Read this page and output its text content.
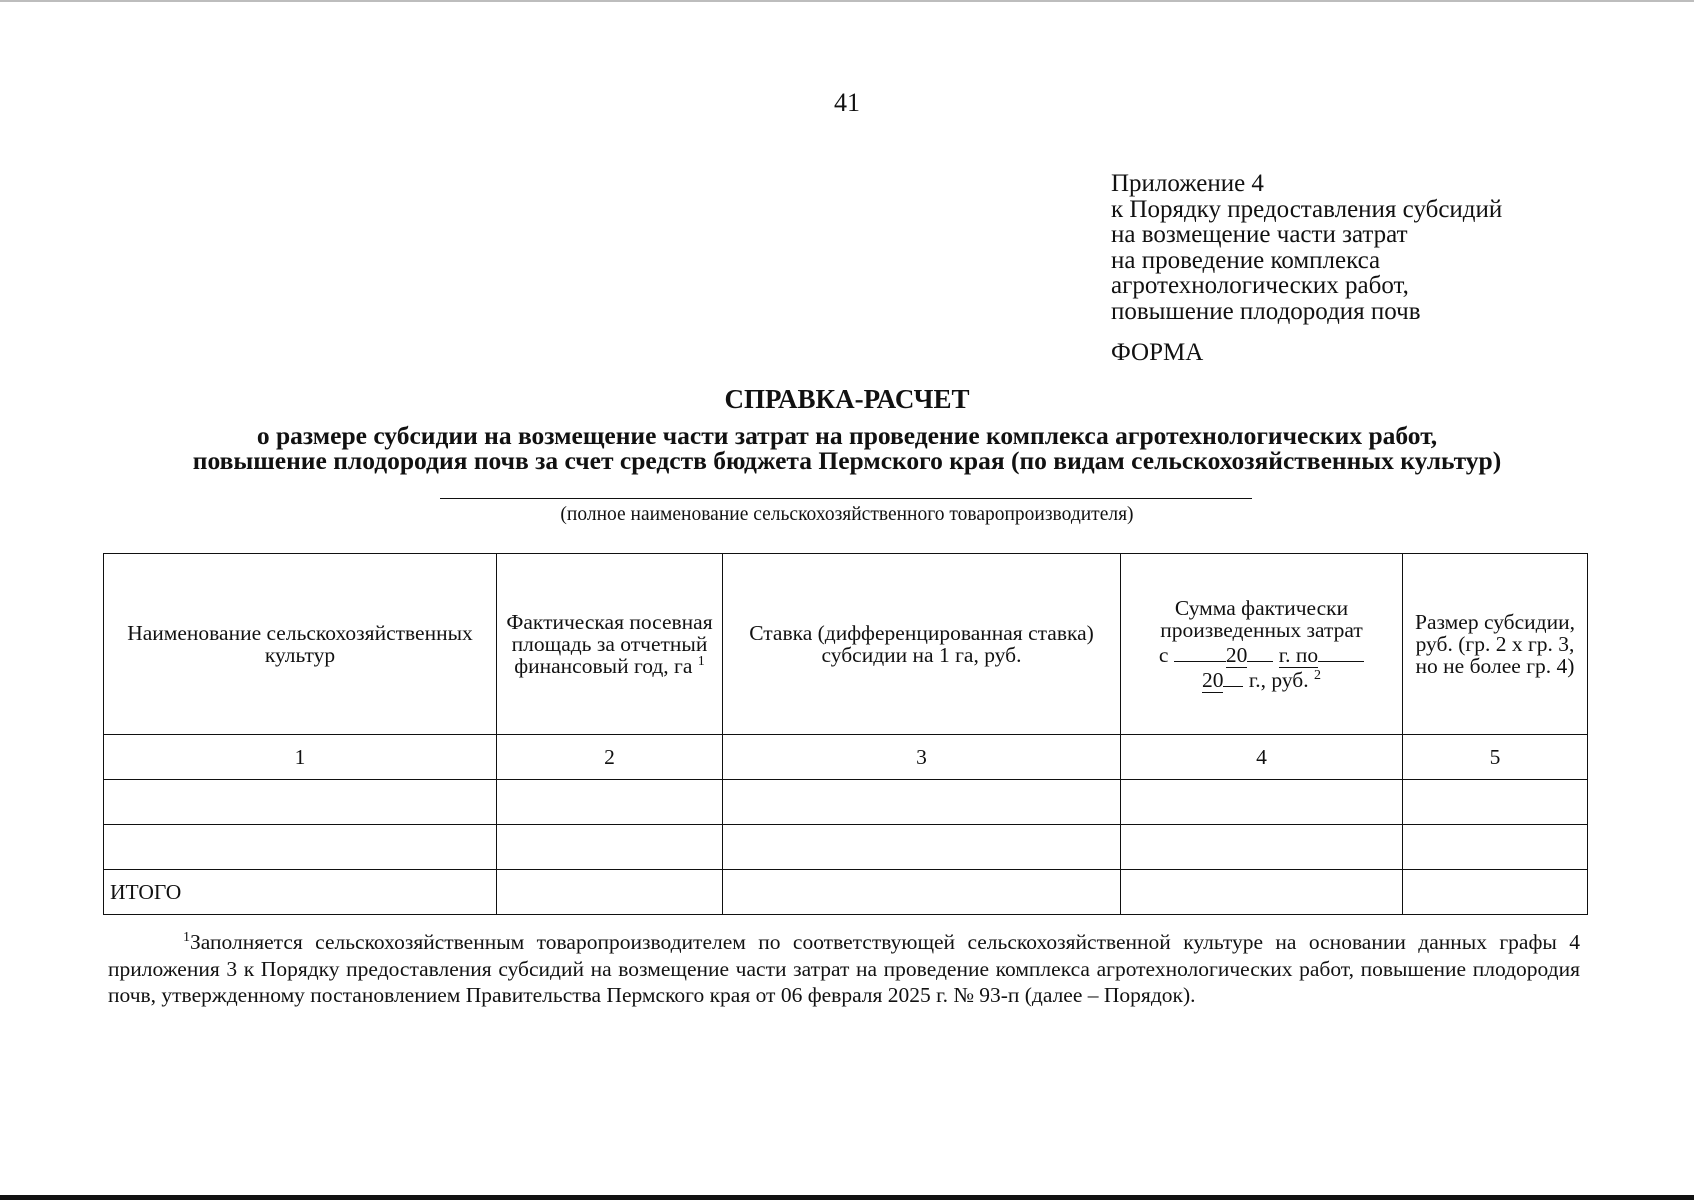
41
Приложение 4
к Порядку предоставления субсидий
на возмещение части затрат
на проведение комплекса
агротехнологических работ,
повышение плодородия почв
ФОРМА
СПРАВКА-РАСЧЕТ
о размере субсидии на возмещение части затрат на проведение комплекса агротехнологических работ,
повышение плодородия почв за счет средств бюджета Пермского края (по видам сельскохозяйственных культур)
(полное наименование сельскохозяйственного товаропроизводителя)
Наименование сельскохозяйственных культур	Фактическая посевная площадь за отчетный финансовый год, га $^1$	Ставка (дифференцированная ставка) субсидии на 1 га, руб.	Сумма фактически произведенных затрат
с 20 г. по
20 г., руб. $^2$	Размер субсидии, руб. (гр. 2 х гр. 3, но не более гр. 4)
1	2	3	4	5

ИТОГО				
$^1$Заполняется сельскохозяйственным товаропроизводителем по соответствующей сельскохозяйственной культуре на основании данных графы 4 приложения 3 к Порядку предоставления субсидий на возмещение части затрат на проведение комплекса агротехнологических работ, повышение плодородия почв, утвержденному постановлением Правительства Пермского края от 06 февраля 2025 г. № 93-п (далее – Порядок).
